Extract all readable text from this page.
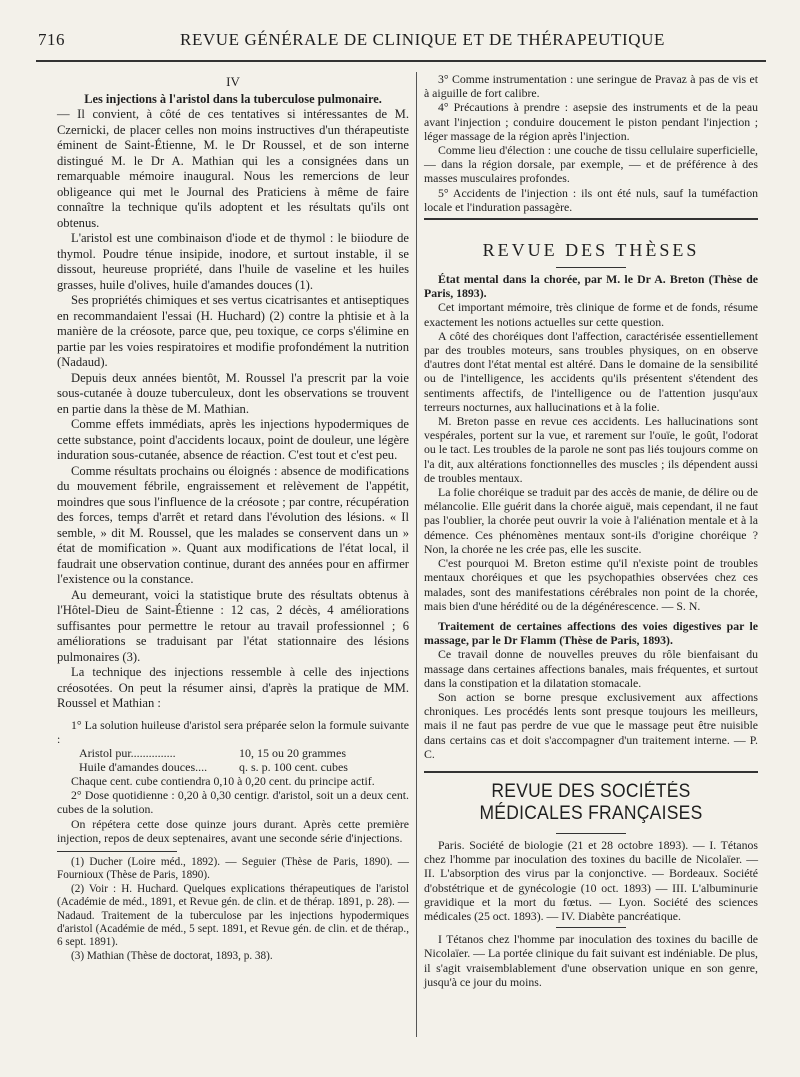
716	REVUE GÉNÉRALE DE CLINIQUE ET DE THÉRAPEUTIQUE
IV
Les injections à l'aristol dans la tuberculose pulmonaire.

— Il convient, à côté de ces tentatives si intéressantes de M. Czernicki, de placer celles non moins instructives d'un thérapeutiste éminent de Saint-Étienne, M. le Dr Roussel, et de son interne distingué M. le Dr A. Mathian qui les a consignées dans un remarquable mémoire inaugural. Nous les remercions de leur obligeance qui met le Journal des Praticiens à même de faire connaître la technique qu'ils adoptent et les résultats qu'ils ont obtenus.

L'aristol est une combinaison d'iode et de thymol : le biiodure de thymol. Poudre ténue insipide, inodore, et surtout instable, il se dissout, heureuse propriété, dans l'huile de vaseline et les huiles grasses, huile d'olives, huile d'amandes douces (1).

Ses propriétés chimiques et ses vertus cicatrisantes et antiseptiques en recommandaient l'essai (H. Huchard) (2) contre la phtisie et à la manière de la créosote, parce que, peu toxique, ce corps s'élimine en partie par les voies respiratoires et modifie profondément la nutrition (Nadaud).

Depuis deux années bientôt, M. Roussel l'a prescrit par la voie sous-cutanée à douze tuberculeux, dont les observations se trouvent en partie dans la thèse de M. Mathian.

Comme effets immédiats, après les injections hypodermiques de cette substance, point d'accidents locaux, point de douleur, une légère induration sous-cutanée, absence de réaction. C'est tout et c'est peu.

Comme résultats prochains ou éloignés : absence de modifications du mouvement fébrile, engraissement et relèvement de l'appétit, moindres que sous l'influence de la créosote ; par contre, récupération des forces, temps d'arrêt et retard dans l'évolution des lésions. « Il semble, » dit M. Roussel, que les malades se conservent dans un » état de momification ». Quant aux modifications de l'état local, il faudrait une observation continue, durant des années pour en affirmer l'existence ou la constance.

Au demeurant, voici la statistique brute des résultats obtenus à l'Hôtel-Dieu de Saint-Étienne : 12 cas, 2 décès, 4 améliorations suffisantes pour permettre le retour au travail professionnel ; 6 améliorations se traduisant par l'état stationnaire des lésions pulmonaires (3).

La technique des injections ressemble à celle des injections créosotées. On peut la résumer ainsi, d'après la pratique de MM. Roussel et Mathian :

1° La solution huileuse d'aristol sera préparée selon la formule suivante :

Aristol pur...............	10, 15 ou 20 grammes
Huile d'amandes douces....	q. s. p. 100 cent. cubes

Chaque cent. cube contiendra 0,10 à 0,20 cent. du principe actif.

2° Dose quotidienne : 0,20 à 0,30 centigr. d'aristol, soit un a deux cent. cubes de la solution.

On répétera cette dose quinze jours durant. Après cette première injection, repos de deux septenaires, avant une seconde série d'injections.

(1) Ducher (Loire méd., 1892). — Seguier (Thèse de Paris, 1890). — Fournioux (Thèse de Paris, 1890).

(2) Voir : H. Huchard. Quelques explications thérapeutiques de l'aristol (Académie de méd., 1891, et Revue gén. de clin. et de thérap. 1891, p. 28). — Nadaud. Traitement de la tuberculose par les injections hypodermiques d'aristol (Académie de méd., 5 sept. 1891, et Revue gén. de clin. et de thérap., 6 sept. 1891).

(3) Mathian (Thèse de doctorat, 1893, p. 38).

3° Comme instrumentation : une seringue de Pravaz à pas de vis et à aiguille de fort calibre.

4° Précautions à prendre : asepsie des instruments et de la peau avant l'injection ; conduire doucement le piston pendant l'injection ; léger massage de la région après l'injection.

Comme lieu d'élection : une couche de tissu cellulaire superficielle, — dans la région dorsale, par exemple, — et de préférence à des masses musculaires profondes.

5° Accidents de l'injection : ils ont été nuls, sauf la tuméfaction locale et l'induration passagère.

REVUE DES THÈSES

État mental dans la chorée, par M. le Dr A. Breton (Thèse de Paris, 1893).

Cet important mémoire, très clinique de forme et de fonds, résume exactement les notions actuelles sur cette question.

A côté des choréiques dont l'affection, caractérisée essentiellement par des troubles moteurs, sans troubles physiques, on en observe d'autres dont l'état mental est altéré. Dans le domaine de la sensibilité ou de l'intelligence, les accidents qu'ils présentent s'étendent des sentiments affectifs, de l'intelligence ou de l'attention jusqu'aux terreurs nocturnes, aux hallucinations et à la folie.

M. Breton passe en revue ces accidents. Les hallucinations sont vespérales, portent sur la vue, et rarement sur l'ouïe, le goût, l'odorat ou le tact. Les troubles de la parole ne sont pas liés toujours comme on l'a dit, aux altérations fonctionnelles des muscles ; ils dépendent aussi de troubles mentaux.

La folie choréique se traduit par des accès de manie, de délire ou de mélancolie. Elle guérit dans la chorée aiguë, mais cependant, il ne faut pas l'oublier, la chorée peut ouvrir la voie à l'aliénation mentale et à la démence. Ces phénomènes mentaux sont-ils d'origine choréique ? Non, la chorée ne les crée pas, elle les suscite.

C'est pourquoi M. Breton estime qu'il n'existe point de troubles mentaux choréiques et que les psychopathies observées chez ces malades, sont des manifestations cérébrales non point de la chorée, mais bien d'une hérédité ou de la dégénérescence. — S. N.

Traitement de certaines affections des voies digestives par le massage, par le Dr Flamm (Thèse de Paris, 1893).

Ce travail donne de nouvelles preuves du rôle bienfaisant du massage dans certaines affections banales, mais fréquentes, et surtout dans la constipation et la dilatation stomacale.

Son action se borne presque exclusivement aux affections chroniques. Les procédés lents sont presque toujours les meilleurs, mais il ne faut pas perdre de vue que le massage peut être nuisible dans certains cas et doit s'accompagner d'un traitement interne. — P. C.

REVUE DES SOCIÉTÉS MÉDICALES FRANÇAISES

Paris. Société de biologie (21 et 28 octobre 1893). — I. Tétanos chez l'homme par inoculation des toxines du bacille de Nicolaïer. — II. L'absorption des virus par la conjonctive. — Bordeaux. Société d'obstétrique et de gynécologie (10 oct. 1893) — III. L'albuminurie gravidique et la mort du fœtus. — Lyon. Société des sciences médicales (25 oct. 1893). — IV. Diabète pancréatique.

I Tétanos chez l'homme par inoculation des toxines du bacille de Nicolaïer. — La portée clinique du fait suivant est indéniable. De plus, il s'agit vraisemblablement d'une observation unique en son genre, jusqu'à ce jour du moins.
